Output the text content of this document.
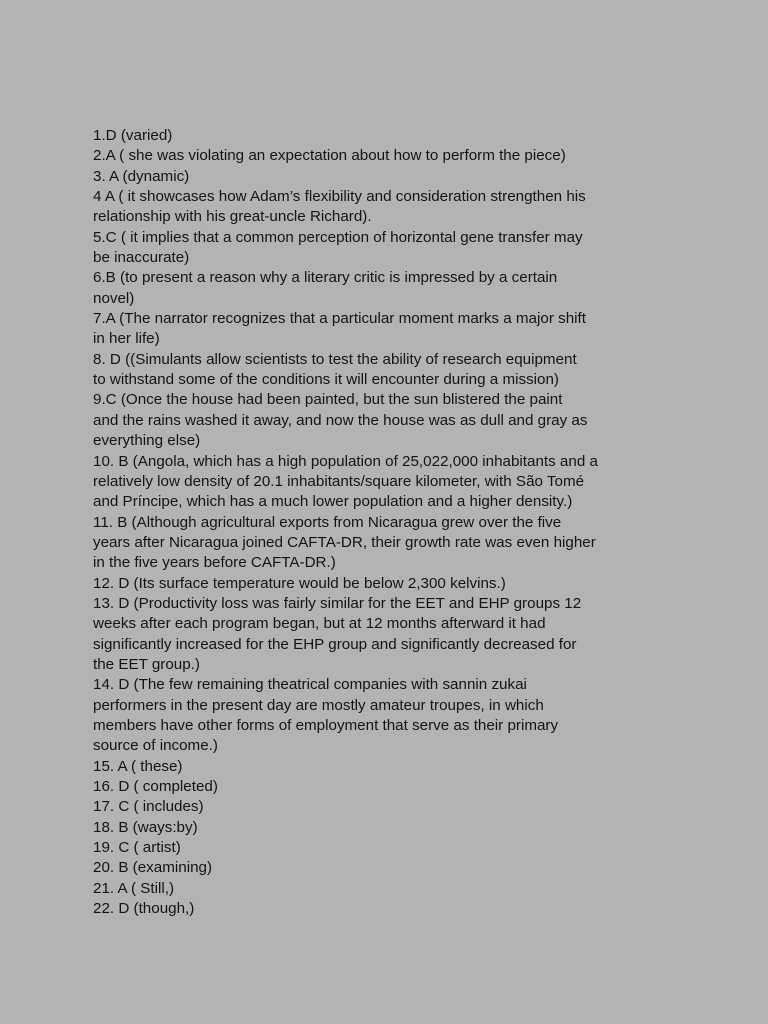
1.D (varied)

2.A ( she was violating an expectation about how to perform the piece)

3. A (dynamic)

4 A ( it showcases how Adam’s flexibility and consideration strengthen his
relationship with his great-uncle Richard).

5.C ( it implies that a common perception of horizontal gene transfer may
be inaccurate)

6.B (to present a reason why a literary critic is impressed by a certain
novel)

7.A (The narrator recognizes that a particular moment marks a major shift
in her life)

8. D ((Simulants allow scientists to test the ability of research equipment
to withstand some of the conditions it will encounter during a mission)

9.C (Once the house had been painted, but the sun blistered the paint
and the rains washed it away, and now the house was as dull and gray as
everything else)

10. B (Angola, which has a high population of 25,022,000 inhabitants and a
relatively low density of 20.1 inhabitants/square kilometer, with São Tomé
and Príncipe, which has a much lower population and a higher density.)

11. B (Although agricultural exports from Nicaragua grew over the five
years after Nicaragua joined CAFTA-DR, their growth rate was even higher
in the five years before CAFTA-DR.)

12. D (Its surface temperature would be below 2,300 kelvins.)

13. D (Productivity loss was fairly similar for the EET and EHP groups 12
weeks after each program began, but at 12 months afterward it had
significantly increased for the EHP group and significantly decreased for
the EET group.)

14. D (The few remaining theatrical companies with sannin zukai
performers in the present day are mostly amateur troupes, in which
members have other forms of employment that serve as their primary
source of income.)

15. A ( these)

16. D ( completed)

17. C ( includes)

18. B (ways:by)

19. C ( artist)

20. B (examining)

21. A ( Still,)

22. D (though,)
